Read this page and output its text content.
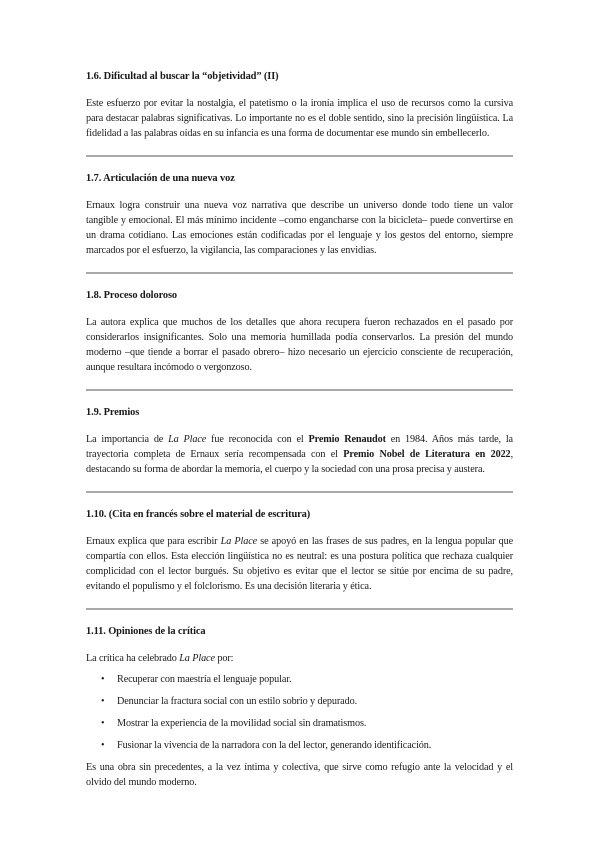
1.6. Dificultad al buscar la “objetividad” (II)

Este esfuerzo por evitar la nostalgia, el patetismo o la ironía implica el uso de recursos como la cursiva para destacar palabras significativas. Lo importante no es el doble sentido, sino la precisión lingüística. La fidelidad a las palabras oídas en su infancia es una forma de documentar ese mundo sin embellecerlo.

1.7. Articulación de una nueva voz

Ernaux logra construir una nueva voz narrativa que describe un universo donde todo tiene un valor tangible y emocional. El más mínimo incidente –como engancharse con la bicicleta– puede convertirse en un drama cotidiano. Las emociones están codificadas por el lenguaje y los gestos del entorno, siempre marcados por el esfuerzo, la vigilancia, las comparaciones y las envidias.

1.8. Proceso doloroso

La autora explica que muchos de los detalles que ahora recupera fueron rechazados en el pasado por considerarlos insignificantes. Solo una memoria humillada podía conservarlos. La presión del mundo moderno –que tiende a borrar el pasado obrero– hizo necesario un ejercicio consciente de recuperación, aunque resultara incómodo o vergonzoso.

1.9. Premios

La importancia de La Place fue reconocida con el Premio Renaudot en 1984. Años más tarde, la trayectoria completa de Ernaux sería recompensada con el Premio Nobel de Literatura en 2022, destacando su forma de abordar la memoria, el cuerpo y la sociedad con una prosa precisa y austera.

1.10. (Cita en francés sobre el material de escritura)

Ernaux explica que para escribir La Place se apoyó en las frases de sus padres, en la lengua popular que compartía con ellos. Esta elección lingüística no es neutral: es una postura política que rechaza cualquier complicidad con el lector burgués. Su objetivo es evitar que el lector se sitúe por encima de su padre, evitando el populismo y el folclorismo. Es una decisión literaria y ética.

1.11. Opiniones de la crítica

La crítica ha celebrado La Place por:

• Recuperar con maestría el lenguaje popular.
• Denunciar la fractura social con un estilo sobrio y depurado.
• Mostrar la experiencia de la movilidad social sin dramatismos.
• Fusionar la vivencia de la narradora con la del lector, generando identificación.

Es una obra sin precedentes, a la vez íntima y colectiva, que sirve como refugio ante la velocidad y el olvido del mundo moderno.
